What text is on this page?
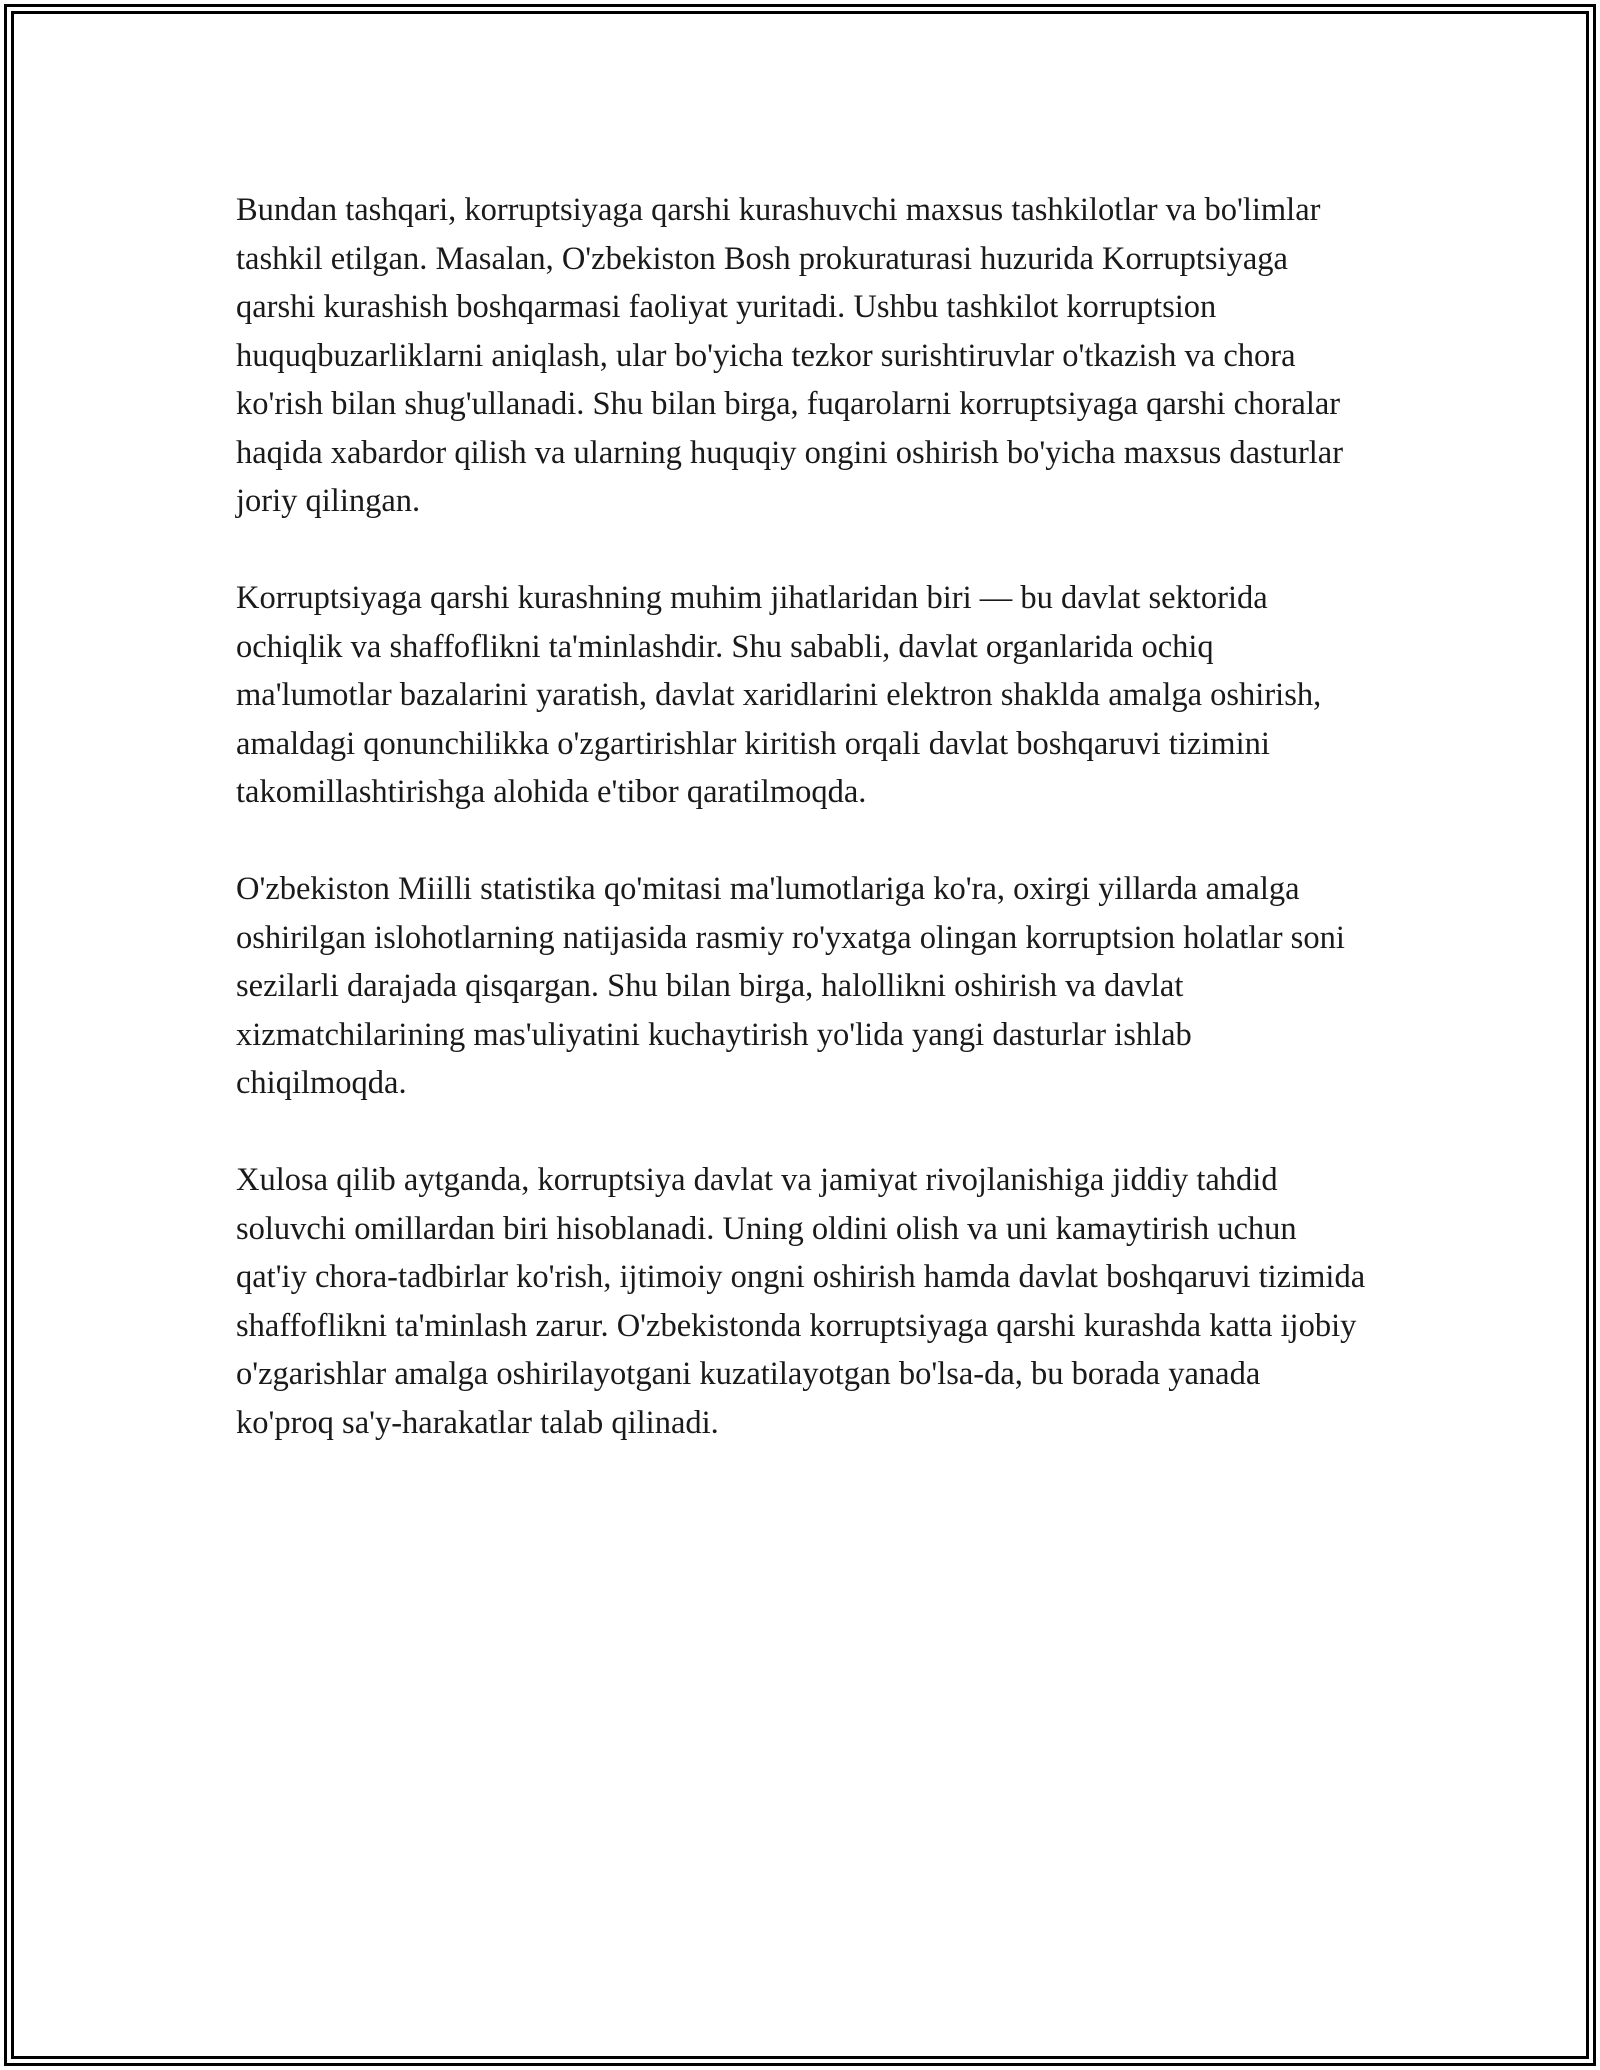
Bundan tashqari, korruptsiyaga qarshi kurashuvchi maxsus tashkilotlar va bo'limlar tashkil etilgan. Masalan, O'zbekiston Bosh prokuraturasi huzurida Korruptsiyaga qarshi kurashish boshqarmasi faoliyat yuritadi. Ushbu tashkilot korruptsion huquqbuzarliklarni aniqlash, ular bo'yicha tezkor surishtiruvlar o'tkazish va chora ko'rish bilan shug'ullanadi. Shu bilan birga, fuqarolarni korruptsiyaga qarshi choralar haqida xabardor qilish va ularning huquqiy ongini oshirish bo'yicha maxsus dasturlar joriy qilingan.

Korruptsiyaga qarshi kurashning muhim jihatlaridan biri — bu davlat sektorida ochiqlik va shaffoflikni ta'minlashdir. Shu sababli, davlat organlarida ochiq ma'lumotlar bazalarini yaratish, davlat xaridlarini elektron shaklda amalga oshirish, amaldagi qonunchilikka o'zgartirishlar kiritish orqali davlat boshqaruvi tizimini takomillashtirishga alohida e'tibor qaratilmoqda.

O'zbekiston Miilli statistika qo'mitasi ma'lumotlariga ko'ra, oxirgi yillarda amalga oshirilgan islohotlarning natijasida rasmiy ro'yxatga olingan korruptsion holatlar soni sezilarli darajada qisqargan. Shu bilan birga, halollikni oshirish va davlat xizmatchilarining mas'uliyatini kuchaytirish yo'lida yangi dasturlar ishlab chiqilmoqda.

Xulosa qilib aytganda, korruptsiya davlat va jamiyat rivojlanishiga jiddiy tahdid soluvchi omillardan biri hisoblanadi. Uning oldini olish va uni kamaytirish uchun qat'iy chora-tadbirlar ko'rish, ijtimoiy ongni oshirish hamda davlat boshqaruvi tizimida shaffoflikni ta'minlash zarur. O'zbekistonda korruptsiyaga qarshi kurashda katta ijobiy o'zgarishlar amalga oshirilayotgani kuzatilayotgan bo'lsa-da, bu borada yanada ko'proq sa'y-harakatlar talab qilinadi.
